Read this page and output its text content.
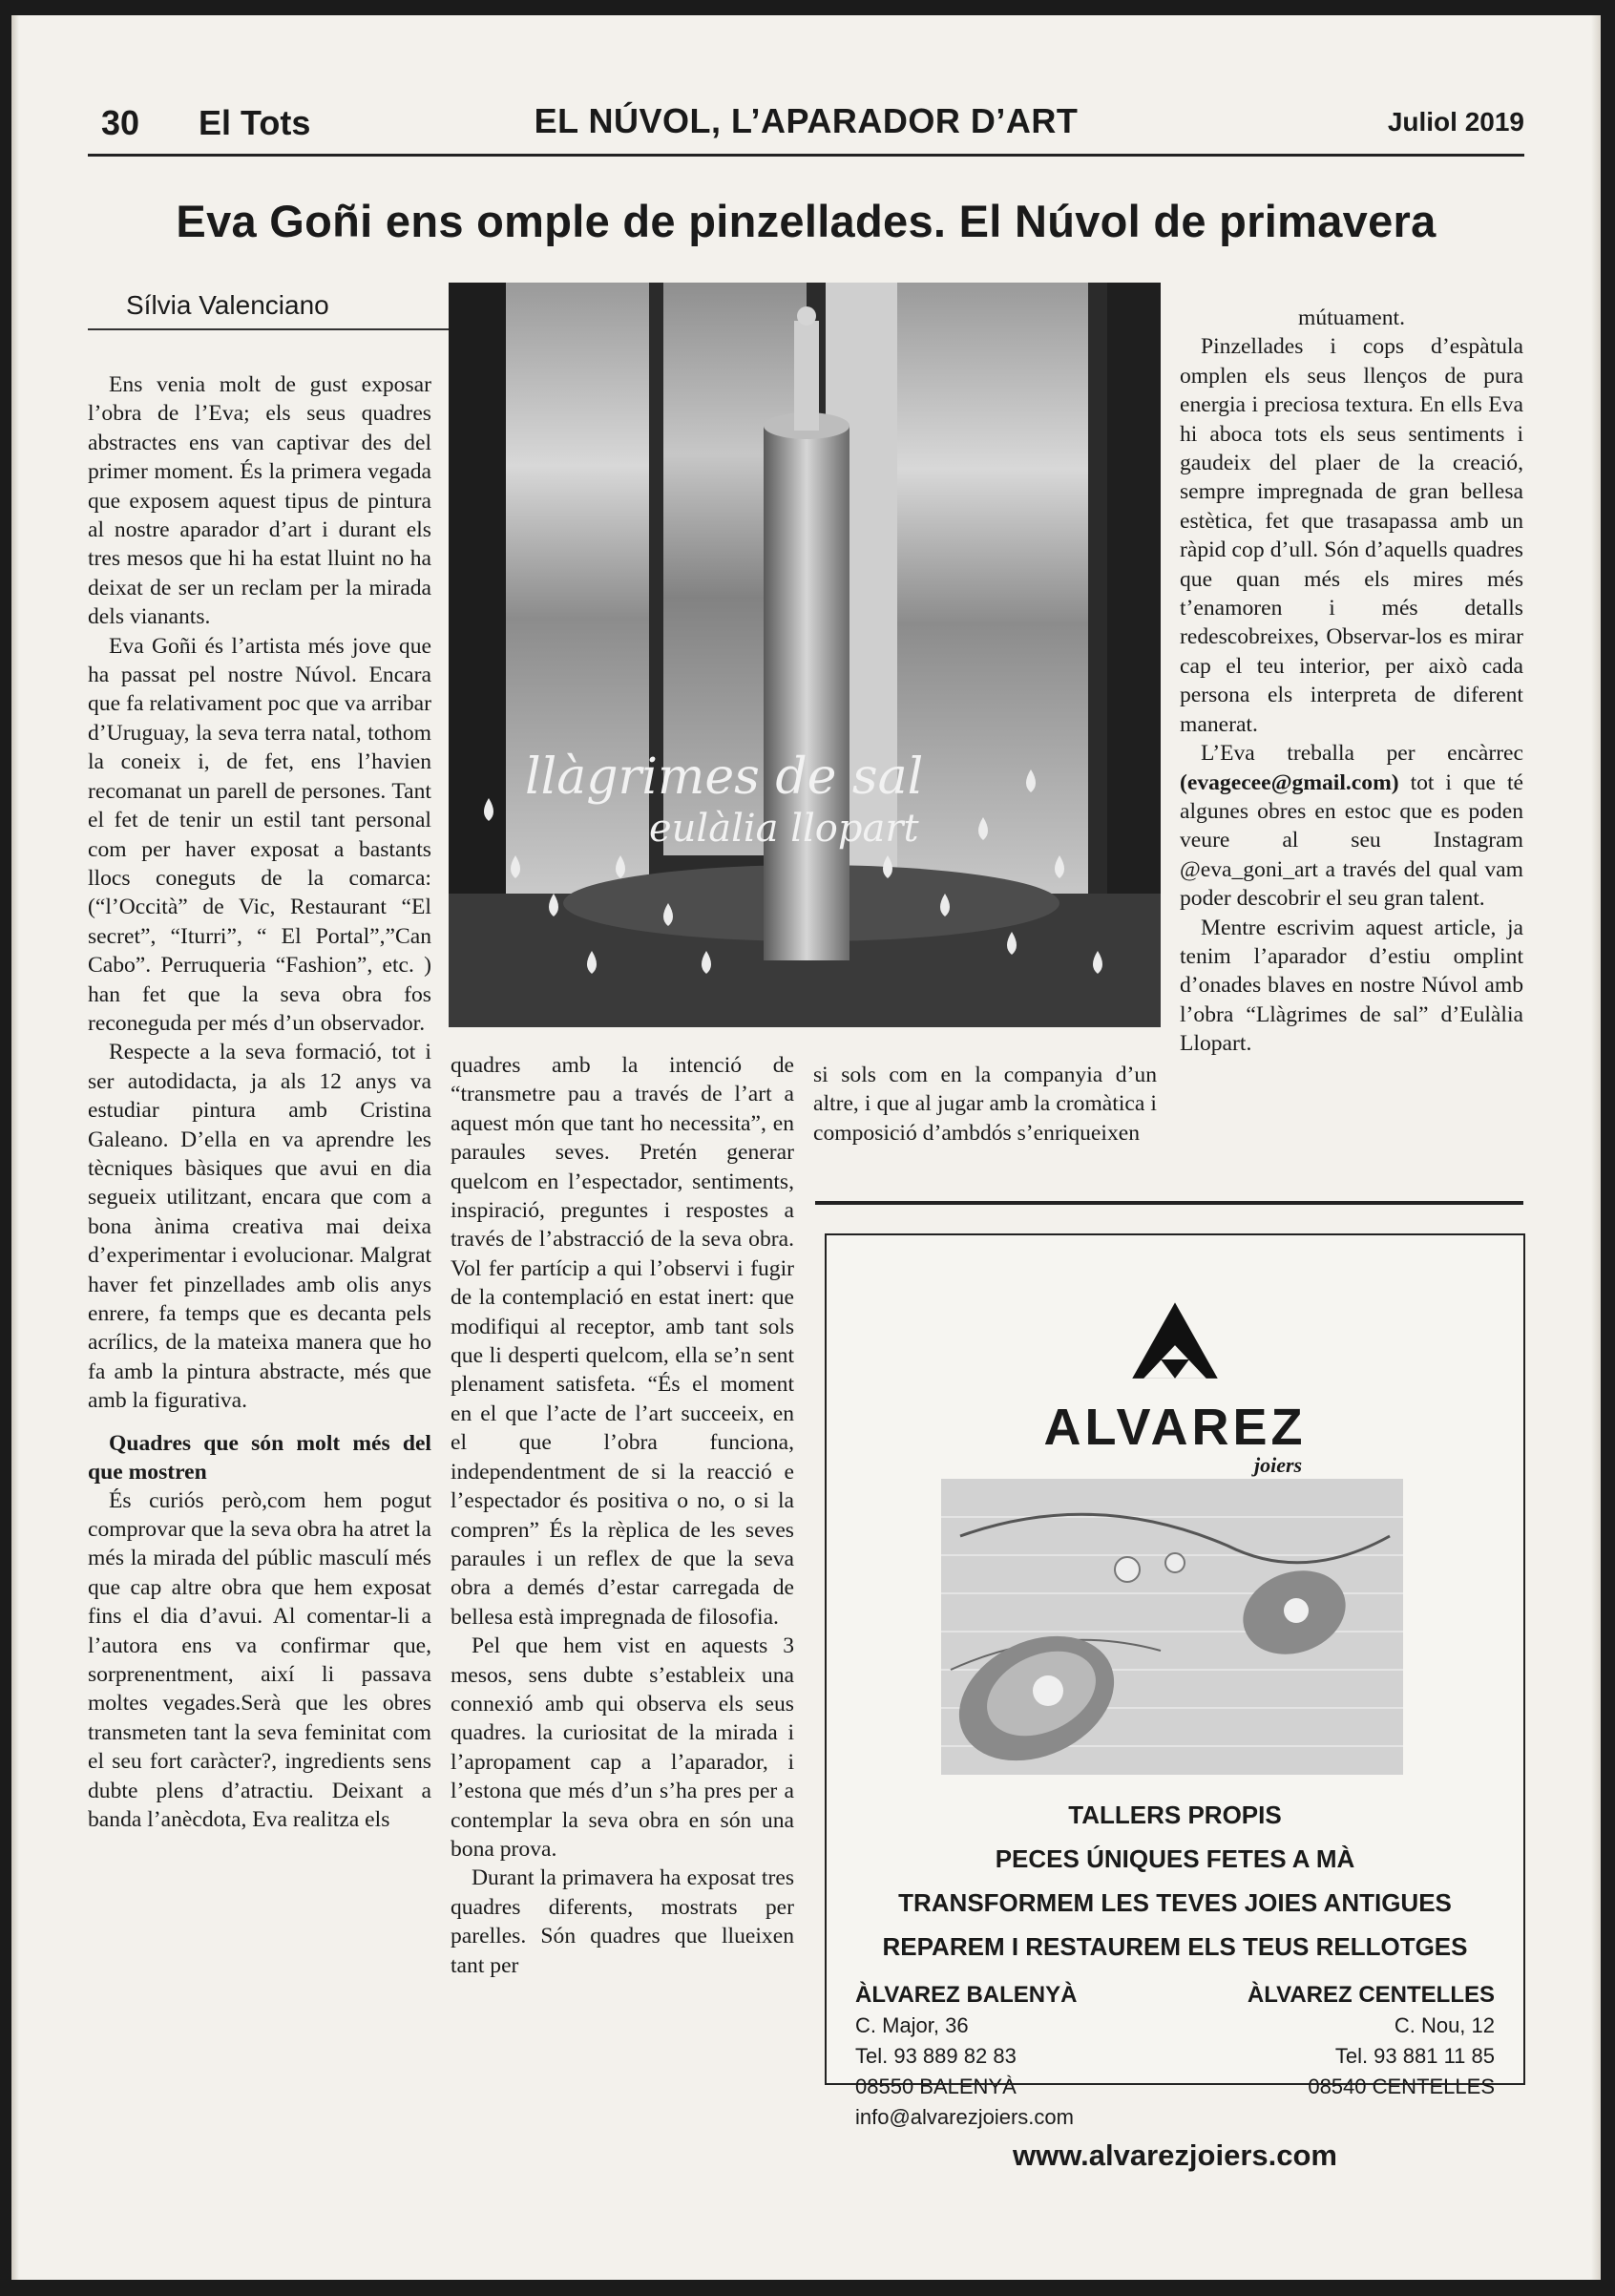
30 El Tots	EL NÚVOL, L’APARADOR D’ART	Juliol 2019
Eva Goñi ens omple de pinzellades. El Núvol de primavera
Sílvia Valenciano

Ens venia molt de gust exposar l’obra de l’Eva; els seus quadres abstractes ens van captivar des del primer moment. És la primera vegada que exposem aquest tipus de pintura al nostre aparador d’art i durant els tres mesos que hi ha estat lluint no ha deixat de ser un reclam per la mirada dels vianants.

Eva Goñi és l’artista més jove que ha passat pel nostre Núvol. Encara que fa relativament poc que va arribar d’Uruguay, la seva terra natal, tothom la coneix i, de fet, ens l’havien recomanat un parell de persones. Tant el fet de tenir un estil tant personal com per haver exposat a bastants llocs coneguts de la comarca: (“l’Occità” de Vic, Restaurant “El secret”, “Iturri”, “ El Portal”,”Can Cabo”. Perruqueria “Fashion”, etc. ) han fet que la seva obra fos reconeguda per més d’un observador.

Respecte a la seva formació, tot i ser autodidacta, ja als 12 anys va estudiar pintura amb Cristina Galeano. D’ella en va aprendre les tècniques bàsiques que avui en dia segueix utilitzant, encara que com a bona ànima creativa mai deixa d’experimentar i evolucionar. Malgrat haver fet pinzellades amb olis anys enrere, fa temps que es decanta pels acrílics, de la mateixa manera que ho fa amb la pintura abstracte, més que amb la figurativa.

Quadres que són molt més del que mostren

És curiós però,com hem pogut comprovar que la seva obra ha atret la més la mirada del públic masculí més que cap altre obra que hem exposat fins el dia d’avui. Al comentar-li a l’autora ens va confirmar que, sorprenentment, així li passava moltes vegades.Serà que les obres transmeten tant la seva feminitat com el seu fort caràcter?, ingredients sens dubte plens d’atractiu. Deixant a banda l’anècdota, Eva realitza els

llàgrimes de sal
eulàlia llopart

quadres amb la intenció de “transmetre pau a través de l’art a aquest món que tant ho necessita”, en paraules seves. Pretén generar quelcom en l’espectador, sentiments, inspiració, preguntes i respostes a través de l’abstracció de la seva obra. Vol fer partícip a qui l’observi i fugir de la contemplació en estat inert: que modifiqui al receptor, amb tant sols que li desperti quelcom, ella se’n sent plenament satisfeta. “És el moment en el que l’acte de l’art succeeix, en el que l’obra funciona, independentment de si la reacció e l’espectador és positiva o no, o si la compren” És la rèplica de les seves paraules i un reflex de que la seva obra a demés d’estar carregada de bellesa està impregnada de filosofia.

Pel que hem vist en aquests 3 mesos, sens dubte s’estableix una connexió amb qui observa els seus quadres. la curiositat de la mirada i l’apropament cap a l’aparador, i l’estona que més d’un s’ha pres per a contemplar la seva obra en són una bona prova.

Durant la primavera ha exposat tres quadres diferents, mostrats per parelles. Són quadres que llueixen tant per

si sols com en la companyia d’un altre, i que al jugar amb la cromàtica i composició d’ambdós s’enriqueixen

mútuament.

Pinzellades i cops d’espàtula omplen els seus llenços de pura energia i preciosa textura. En ells Eva hi aboca tots els seus sentiments i gaudeix del plaer de la creació, sempre impregnada de gran bellesa estètica, fet que trasapassa amb un ràpid cop d’ull. Són d’aquells quadres que quan més els mires més t’enamoren i més detalls redescobreixes, Observar-los es mirar cap el teu interior, per això cada persona els interpreta de diferent manerat.

L’Eva treballa per encàrrec (evagecee@gmail.com) tot i que té algunes obres en estoc que es poden veure al seu Instagram @eva_goni_art a través del qual vam poder descobrir el seu gran talent.

Mentre escrivim aquest article, ja tenim l’aparador d’estiu omplint d’onades blaves en nostre Núvol amb l’obra “Llàgrimes de sal” d’Eulàlia Llopart.

ALVAREZ
joiers
TALLERS PROPIS
PECES ÚNIQUES FETES A MÀ
TRANSFORMEM LES TEVES JOIES ANTIGUES
REPAREM I RESTAUREM ELS TEUS RELLOTGES
ÀLVAREZ BALENYÀ
C. Major, 36
Tel. 93 889 82 83
08550 BALENYÀ
info@alvarezjoiers.com
ÀLVAREZ CENTELLES
C. Nou, 12
Tel. 93 881 11 85
08540 CENTELLES
www.alvarezjoiers.com
